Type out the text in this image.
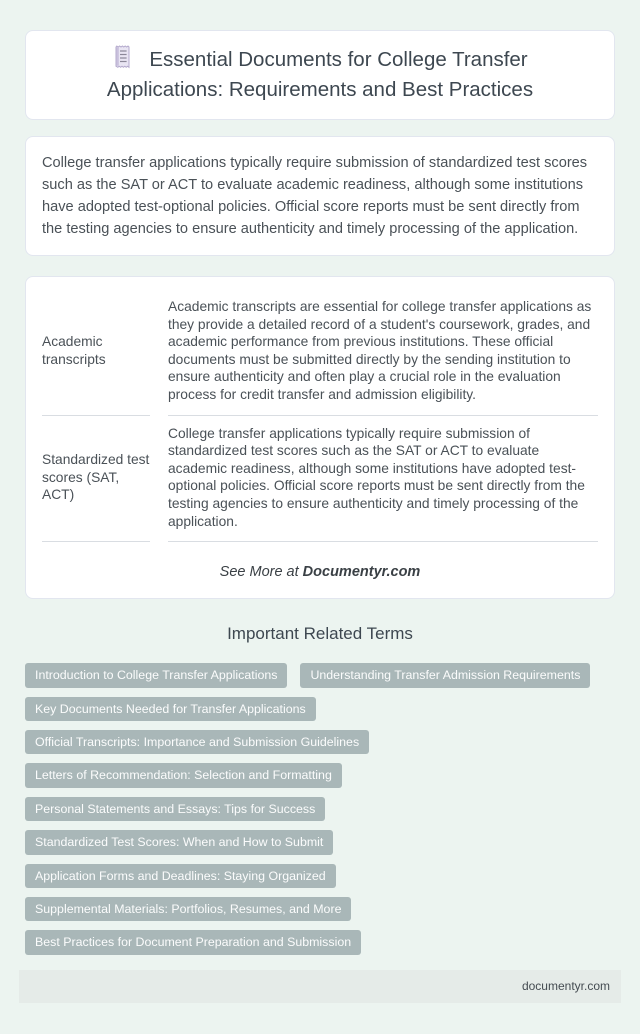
Essential Documents for College Transfer
Applications: Requirements and Best Practices

College transfer applications typically require submission of standardized test scores such as the SAT or ACT to evaluate academic readiness, although some institutions have adopted test-optional policies. Official score reports must be sent directly from the testing agencies to ensure authenticity and timely processing of the application.

Academic transcripts
Academic transcripts are essential for college transfer applications as they provide a detailed record of a student's coursework, grades, and academic performance from previous institutions. These official documents must be submitted directly by the sending institution to ensure authenticity and often play a crucial role in the evaluation process for credit transfer and admission eligibility.
Standardized test scores (SAT, ACT)
College transfer applications typically require submission of standardized test scores such as the SAT or ACT to evaluate academic readiness, although some institutions have adopted test-optional policies. Official score reports must be sent directly from the testing agencies to ensure authenticity and timely processing of the application.
See More at Documentyr.com
Important Related Terms
Introduction to College Transfer Applications	Understanding Transfer Admission Requirements
Key Documents Needed for Transfer Applications
Official Transcripts: Importance and Submission Guidelines
Letters of Recommendation: Selection and Formatting
Personal Statements and Essays: Tips for Success
Standardized Test Scores: When and How to Submit
Application Forms and Deadlines: Staying Organized
Supplemental Materials: Portfolios, Resumes, and More
Best Practices for Document Preparation and Submission
documentyr.com
